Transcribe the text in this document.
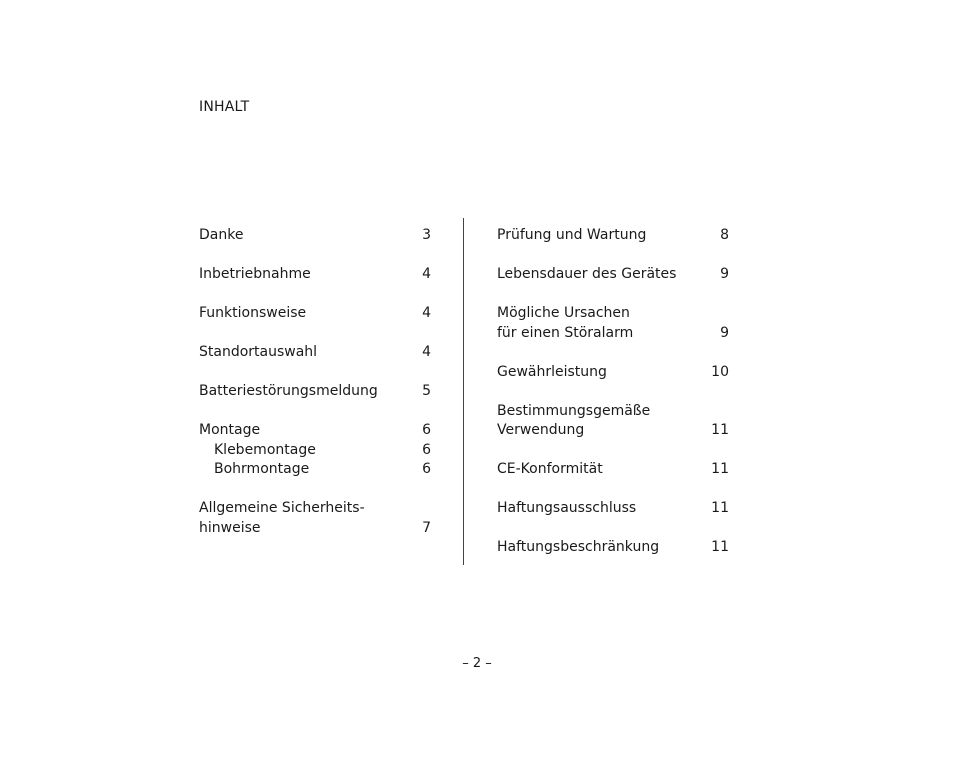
INHALT
Danke	3
Inbetriebnahme	4
Funktionsweise	4
Standortauswahl	4
Batteriestörungsmeldung	5
Montage	6
Klebemontage	6
Bohrmontage	6
Allgemeine Sicherheits-
hinweise	7
Prüfung und Wartung	8
Lebensdauer des Gerätes	9
Mögliche Ursachen
für einen Störalarm	9
Gewährleistung	10
Bestimmungsgemäße
Verwendung	11
CE-Konformität	11
Haftungsausschluss	11
Haftungsbeschränkung	11
– 2 –
